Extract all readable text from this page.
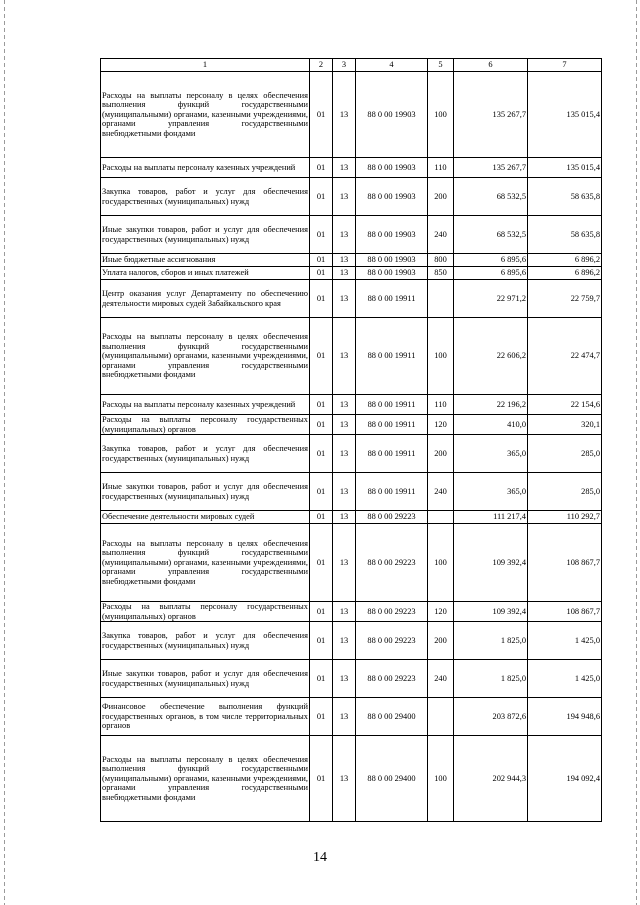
1	2	3	4	5	6	7
Расходы на выплаты персоналу в целях обеспечения выполнения функций государственными (муниципальными) органами, казенными учреждениями, органами управления государственными внебюджетными фондами	01	13	88 0 00 19903	100	135 267,7	135 015,4
Расходы на выплаты персоналу казенных учреждений	01	13	88 0 00 19903	110	135 267,7	135 015,4
Закупка товаров, работ и услуг для обеспечения государственных (муниципальных) нужд	01	13	88 0 00 19903	200	68 532,5	58 635,8
Иные закупки товаров, работ и услуг для обеспечения государственных (муниципальных) нужд	01	13	88 0 00 19903	240	68 532,5	58 635,8
Иные бюджетные ассигнования	01	13	88 0 00 19903	800	6 895,6	6 896,2
Уплата налогов, сборов и иных платежей	01	13	88 0 00 19903	850	6 895,6	6 896,2
Центр оказания услуг Департаменту по обеспечению деятельности мировых судей Забайкальского края	01	13	88 0 00 19911		22 971,2	22 759,7
Расходы на выплаты персоналу в целях обеспечения выполнения функций государственными (муниципальными) органами, казенными учреждениями, органами управления государственными внебюджетными фондами	01	13	88 0 00 19911	100	22 606,2	22 474,7
Расходы на выплаты персоналу казенных учреждений	01	13	88 0 00 19911	110	22 196,2	22 154,6
Расходы на выплаты персоналу государственных (муниципальных) органов	01	13	88 0 00 19911	120	410,0	320,1
Закупка товаров, работ и услуг для обеспечения государственных (муниципальных) нужд	01	13	88 0 00 19911	200	365,0	285,0
Иные закупки товаров, работ и услуг для обеспечения государственных (муниципальных) нужд	01	13	88 0 00 19911	240	365,0	285,0
Обеспечение деятельности мировых судей	01	13	88 0 00 29223		111 217,4	110 292,7
Расходы на выплаты персоналу в целях обеспечения выполнения функций государственными (муниципальными) органами, казенными учреждениями, органами управления государственными внебюджетными фондами	01	13	88 0 00 29223	100	109 392,4	108 867,7
Расходы на выплаты персоналу государственных (муниципальных) органов	01	13	88 0 00 29223	120	109 392,4	108 867,7
Закупка товаров, работ и услуг для обеспечения государственных (муниципальных) нужд	01	13	88 0 00 29223	200	1 825,0	1 425,0
Иные закупки товаров, работ и услуг для обеспечения государственных (муниципальных) нужд	01	13	88 0 00 29223	240	1 825,0	1 425,0
Финансовое обеспечение выполнения функций государственных органов, в том числе территориальных органов	01	13	88 0 00 29400		203 872,6	194 948,6
Расходы на выплаты персоналу в целях обеспечения выполнения функций государственными (муниципальными) органами, казенными учреждениями, органами управления государственными внебюджетными фондами	01	13	88 0 00 29400	100	202 944,3	194 092,4
14
